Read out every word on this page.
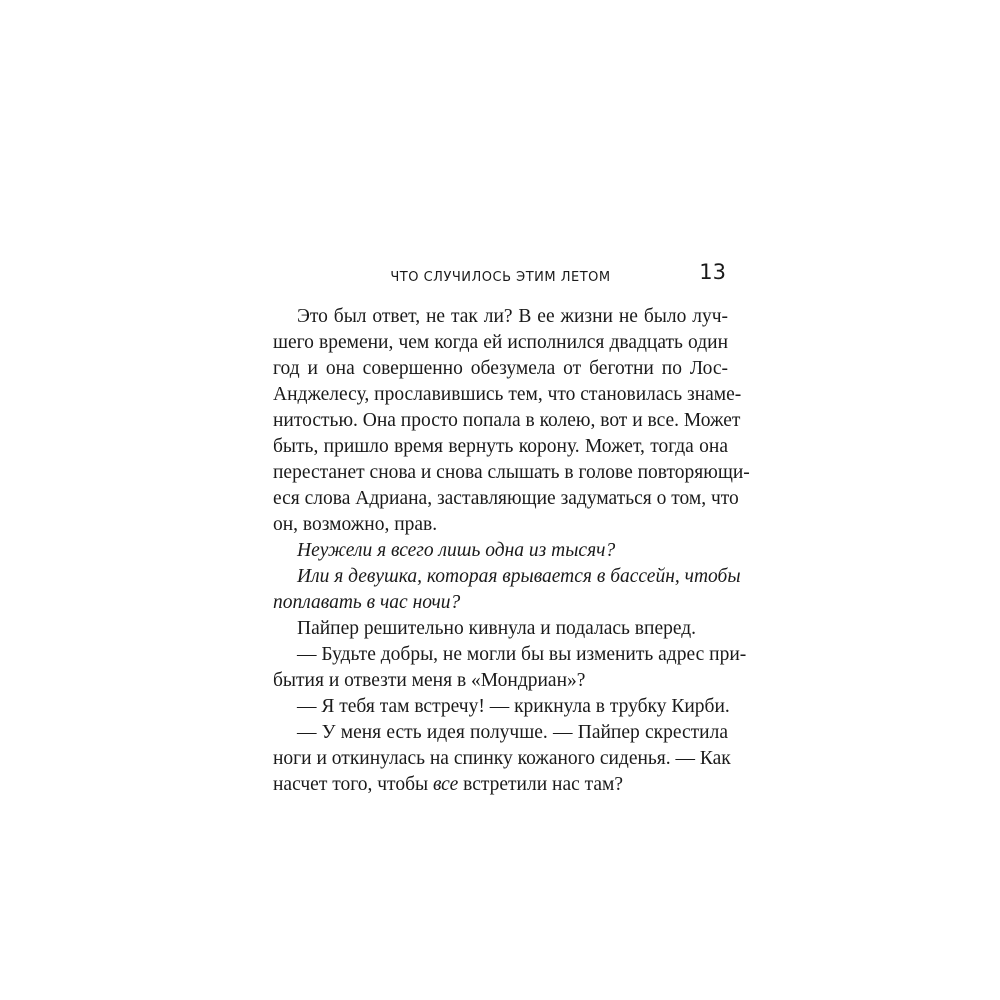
ЧТО СЛУЧИЛОСЬ ЭТИМ ЛЕТОМ	13
Это был ответ, не так ли? В ее жизни не было луч-
шего времени, чем когда ей исполнился двадцать один
год и она совершенно обезумела от беготни по Лос-
Анджелесу, прославившись тем, что становилась знаме-
нитостью. Она просто попала в колею, вот и все. Может
быть, пришло время вернуть корону. Может, тогда она
перестанет снова и снова слышать в голове повторяющи-
еся слова Адриана, заставляющие задуматься о том, что
он, возможно, прав.
Неужели я всего лишь одна из тысяч?
Или я девушка, которая врывается в бассейн, чтобы
поплавать в час ночи?
Пайпер решительно кивнула и подалась вперед.
— Будьте добры, не могли бы вы изменить адрес при-
бытия и отвезти меня в «Мондриан»?
— Я тебя там встречу! — крикнула в трубку Кирби.
— У меня есть идея получше. — Пайпер скрестила
ноги и откинулась на спинку кожаного сиденья. — Как
насчет того, чтобы все встретили нас там?
